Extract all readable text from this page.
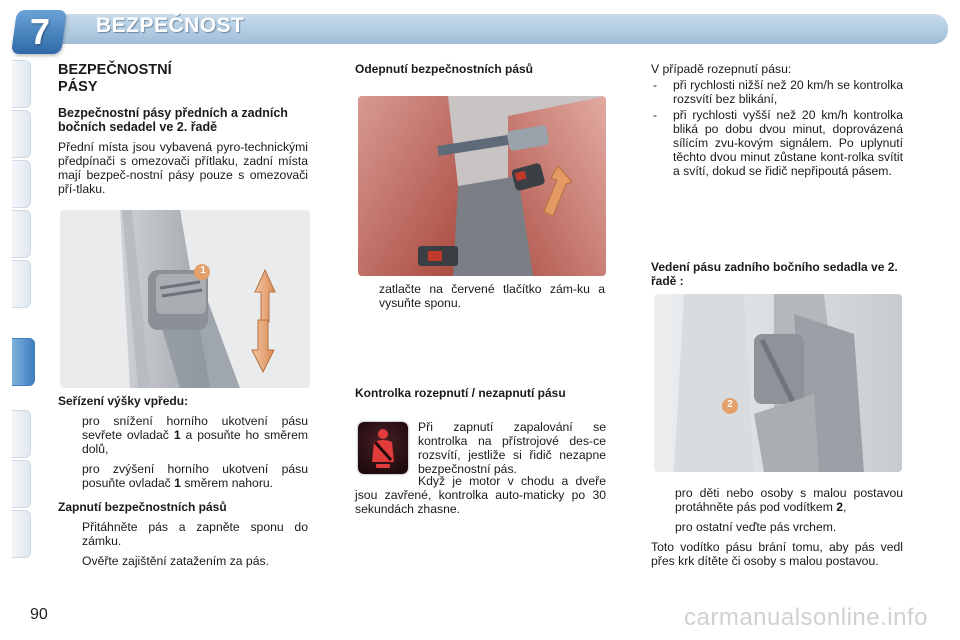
7	BEZPEČNOST
BEZPEČNOSTNÍ
PÁSY
Bezpečnostní pásy předních a zadních bočních sedadel ve 2. řadě

Přední místa jsou vybavená pyro-technickými předpínači s omezovači přítlaku, zadní místa mají bezpeč-nostní pásy pouze s omezovači pří-tlaku.

1
Seřízení výšky vpředu:
pro snížení horního ukotvení pásu sevřete ovladač 1 a posuňte ho směrem dolů,
pro zvýšení horního ukotvení pásu posuňte ovladač 1 směrem nahoru.
Zapnutí bezpečnostních pásů
Přitáhněte pás a zapněte sponu do zámku.
Ověřte zajištění zatažením za pás.
Odepnutí bezpečnostních pásů
zatlačte na červené tlačítko zám-ku a vysuňte sponu.
Kontrolka rozepnutí / nezapnutí pásu
Při zapnutí zapalování se kontrolka na přístrojové des-ce rozsvítí, jestliže si řidič nezapne bezpečnostní pás.
Když je motor v chodu a dveře jsou zavřené, kontrolka auto-maticky po 30 sekundách zhasne.

V případě rozepnutí pásu:

- při rychlosti nižší než 20 km/h se kontrolka rozsvítí bez blikání,
- při rychlosti vyšší než 20 km/h kontrolka bliká po dobu dvou minut, doprovázená sílícím zvu-kovým signálem. Po uplynutí těchto dvou minut zůstane kont-rolka svítit a svítí, dokud se řidič nepřipoutá pásem.
Vedení pásu zadního bočního sedadla ve 2. řadě :
2
pro děti nebo osoby s malou postavou protáhněte pás pod vodítkem 2,
pro ostatní veďte pás vrchem.

Toto vodítko pásu brání tomu, aby pás vedl přes krk dítěte či osoby s malou postavou.

90	carmanualsonline.info
